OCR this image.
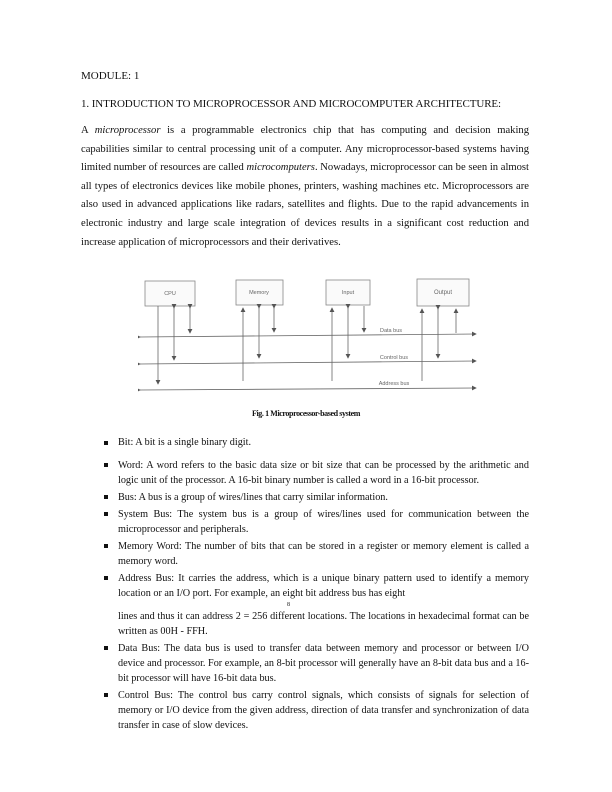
MODULE: 1
1. INTRODUCTION TO MICROPROCESSOR AND MICROCOMPUTER ARCHITECTURE:
A microprocessor is a programmable electronics chip that has computing and decision making capabilities similar to central processing unit of a computer. Any microprocessor-based systems having limited number of resources are called microcomputers. Nowadays, microprocessor can be seen in almost all types of electronics devices like mobile phones, printers, washing machines etc. Microprocessors are also used in advanced applications like radars, satellites and flights. Due to the rapid advancements in electronic industry and large scale integration of devices results in a significant cost reduction and increase application of microprocessors and their derivatives.
CPU	Memory	Input	Output
Data bus
Control bus
Address bus
Fig. 1 Microprocessor-based system

Bit: A bit is a single binary digit.

Word: A word refers to the basic data size or bit size that can be processed by the arithmetic and logic unit of the processor. A 16-bit binary number is called a word in a 16-bit processor.

Bus: A bus is a group of wires/lines that carry similar information.

System Bus: The system bus is a group of wires/lines used for communication between the microprocessor and peripherals.

Memory Word: The number of bits that can be stored in a register or memory element is called a memory word.

Address Bus: It carries the address, which is a unique binary pattern used to identify a memory location or an I/O port. For example, an eight bit address bus has eight
8
lines and thus it can address 2 = 256 different locations. The locations in hexadecimal format can be written as 00H - FFH.

Data Bus: The data bus is used to transfer data between memory and processor or between I/O device and processor. For example, an 8-bit processor will generally have an 8-bit data bus and a 16-bit processor will have 16-bit data bus.

Control Bus: The control bus carry control signals, which consists of signals for selection of memory or I/O device from the given address, direction of data transfer and synchronization of data transfer in case of slow devices.
